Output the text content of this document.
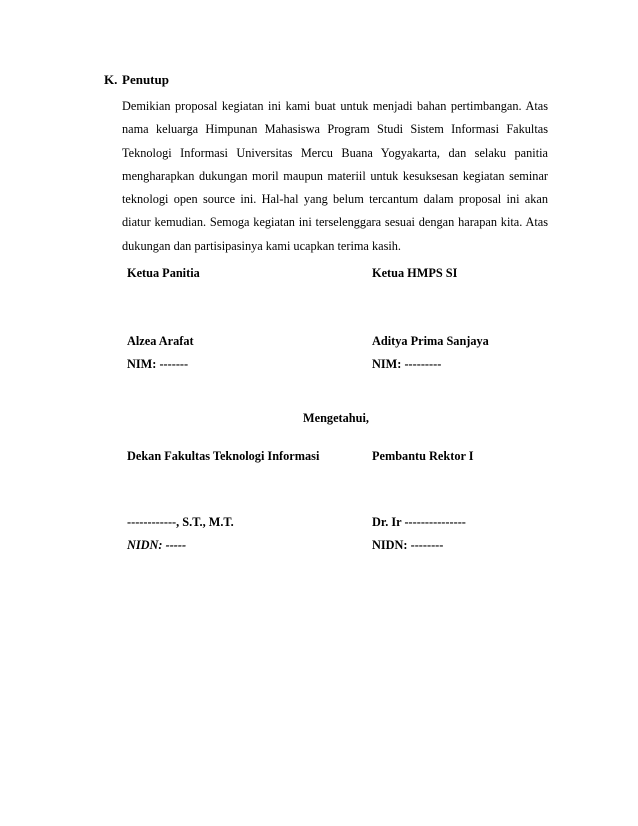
K. Penutup
Demikian proposal kegiatan ini kami buat untuk menjadi bahan pertimbangan. Atas nama keluarga Himpunan Mahasiswa Program Studi Sistem Informasi Fakultas Teknologi Informasi Universitas Mercu Buana Yogyakarta, dan selaku panitia mengharapkan dukungan moril maupun materiil untuk kesuksesan kegiatan seminar teknologi open source ini. Hal-hal yang belum tercantum dalam proposal ini akan diatur kemudian. Semoga kegiatan ini terselenggara sesuai dengan harapan kita. Atas dukungan dan partisipasinya kami ucapkan terima kasih.
Ketua Panitia	Ketua HMPS SI
Alzea Arafat	Aditya Prima Sanjaya
NIM: -------	NIM: ---------
Mengetahui,
Dekan Fakultas Teknologi Informasi	Pembantu Rektor I
------------, S.T., M.T.	Dr. Ir ---------------
NIDN: -----	NIDN: --------
